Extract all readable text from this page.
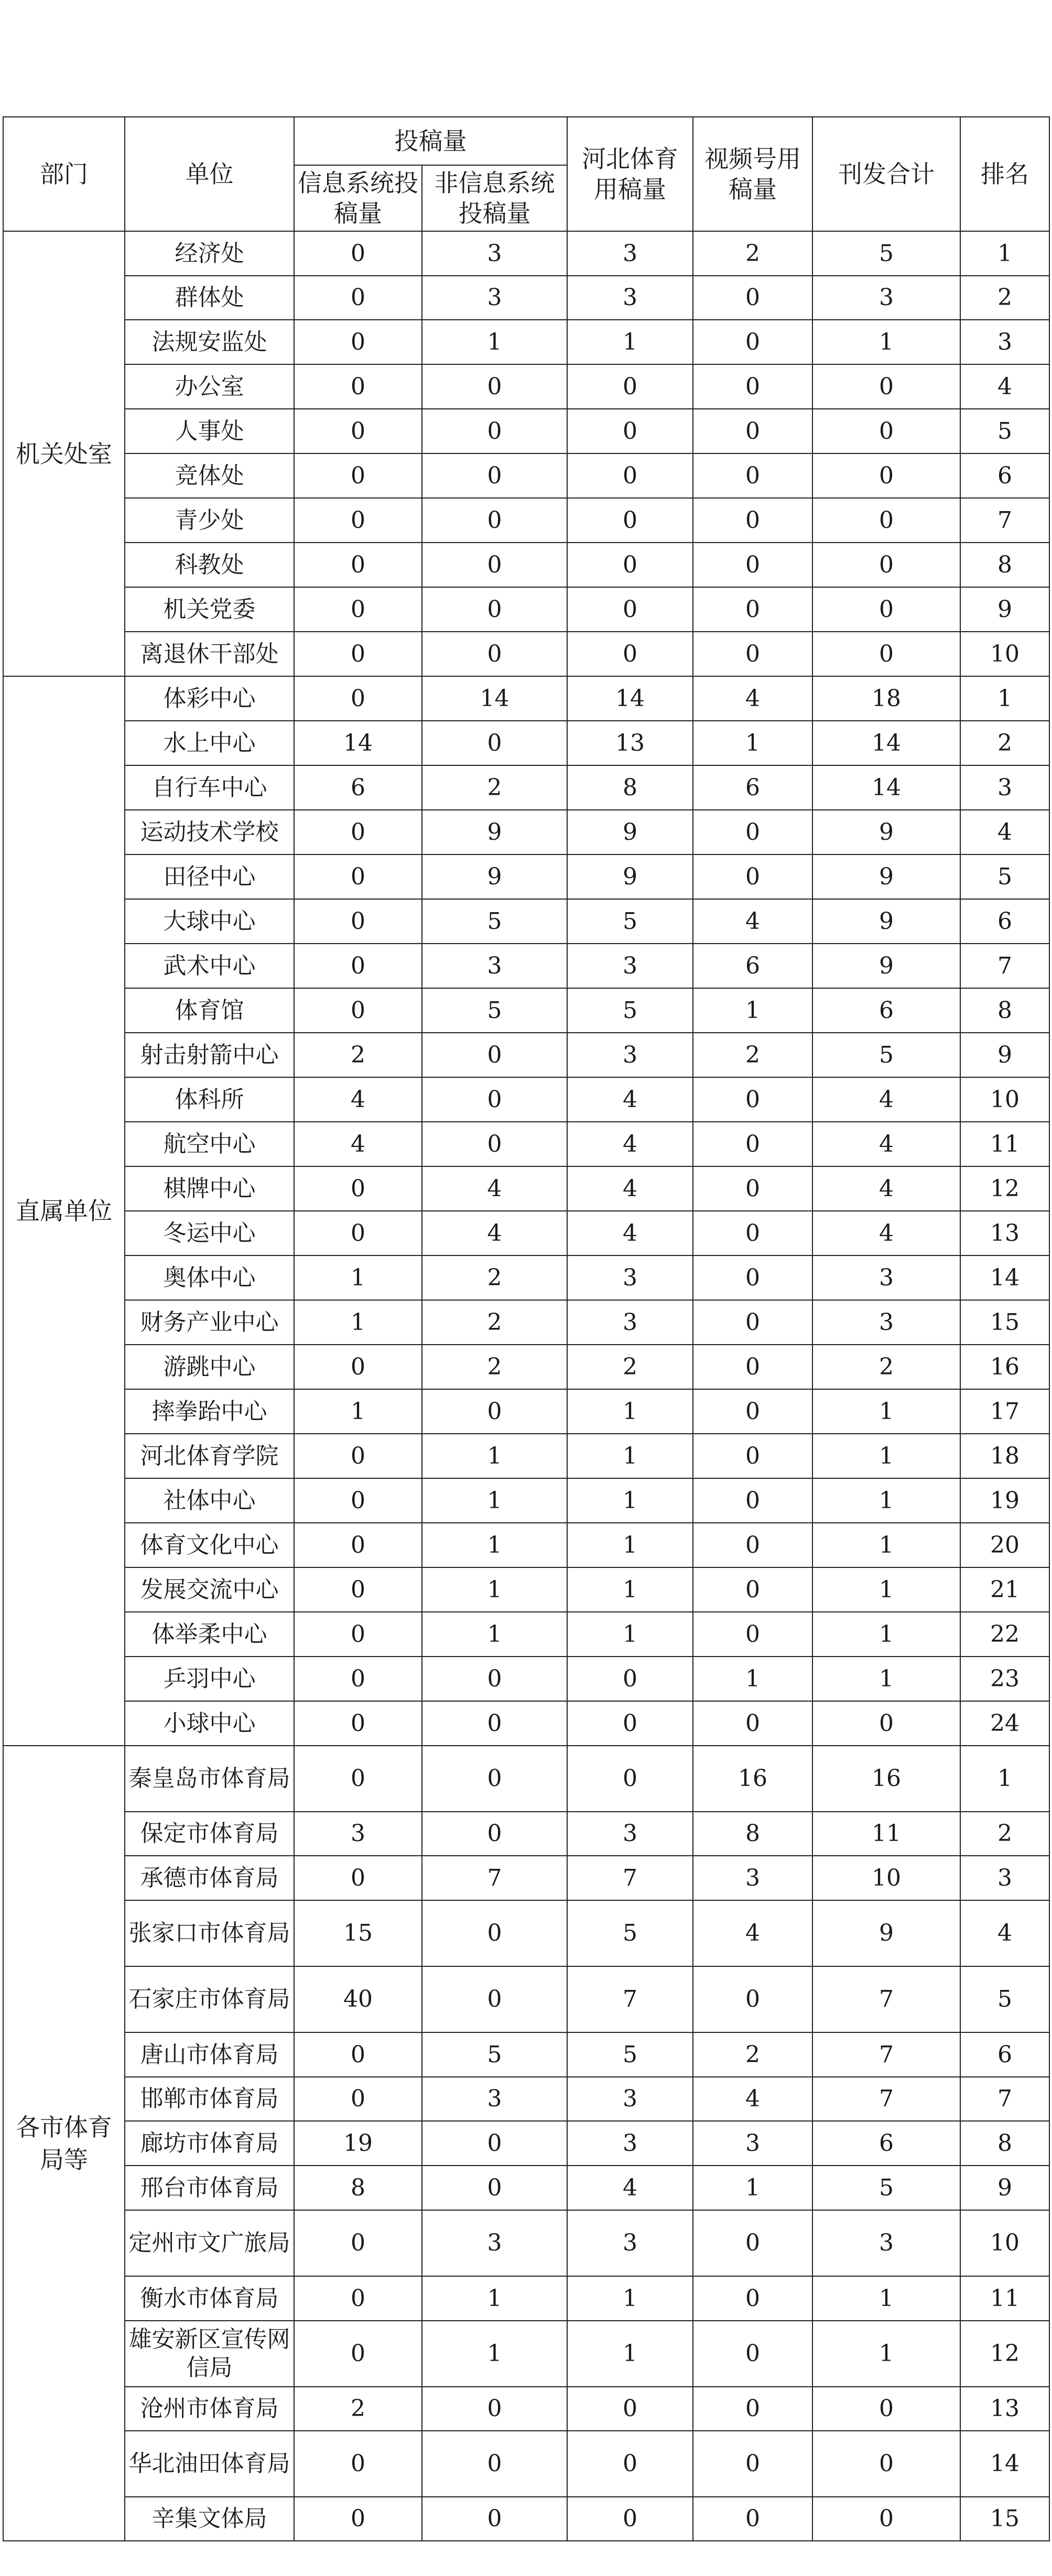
部门	单位	投稿量		河北体育用稿量	视频号用稿量	刊发合计	排名
		信息系统投稿量	非信息系统投稿量				
机关处室	经济处	0	3	3	2	5	1
	群体处	0	3	3	0	3	2
	法规安监处	0	1	1	0	1	3
	办公室	0	0	0	0	0	4
	人事处	0	0	0	0	0	5
	竞体处	0	0	0	0	0	6
	青少处	0	0	0	0	0	7
	科教处	0	0	0	0	0	8
	机关党委	0	0	0	0	0	9
	离退休干部处	0	0	0	0	0	10
直属单位	体彩中心	0	14	14	4	18	1
	水上中心	14	0	13	1	14	2
	自行车中心	6	2	8	6	14	3
	运动技术学校	0	9	9	0	9	4
	田径中心	0	9	9	0	9	5
	大球中心	0	5	5	4	9	6
	武术中心	0	3	3	6	9	7
	体育馆	0	5	5	1	6	8
	射击射箭中心	2	0	3	2	5	9
	体科所	4	0	4	0	4	10
	航空中心	4	0	4	0	4	11
	棋牌中心	0	4	4	0	4	12
	冬运中心	0	4	4	0	4	13
	奥体中心	1	2	3	0	3	14
	财务产业中心	1	2	3	0	3	15
	游跳中心	0	2	2	0	2	16
	摔拳跆中心	1	0	1	0	1	17
	河北体育学院	0	1	1	0	1	18
	社体中心	0	1	1	0	1	19
	体育文化中心	0	1	1	0	1	20
	发展交流中心	0	1	1	0	1	21
	体举柔中心	0	1	1	0	1	22
	乒羽中心	0	0	0	1	1	23
	小球中心	0	0	0	0	0	24
各市体育局等	秦皇岛市体育局	0	0	0	16	16	1
	保定市体育局	3	0	3	8	11	2
	承德市体育局	0	7	7	3	10	3
	张家口市体育局	15	0	5	4	9	4
	石家庄市体育局	40	0	7	0	7	5
	唐山市体育局	0	5	5	2	7	6
	邯郸市体育局	0	3	3	4	7	7
	廊坊市体育局	19	0	3	3	6	8
	邢台市体育局	8	0	4	1	5	9
	定州市文广旅局	0	3	3	0	3	10
	衡水市体育局	0	1	1	0	1	11
	雄安新区宣传网信局	0	1	1	0	1	12
	沧州市体育局	2	0	0	0	0	13
	华北油田体育局	0	0	0	0	0	14
	辛集文体局	0	0	0	0	0	15
